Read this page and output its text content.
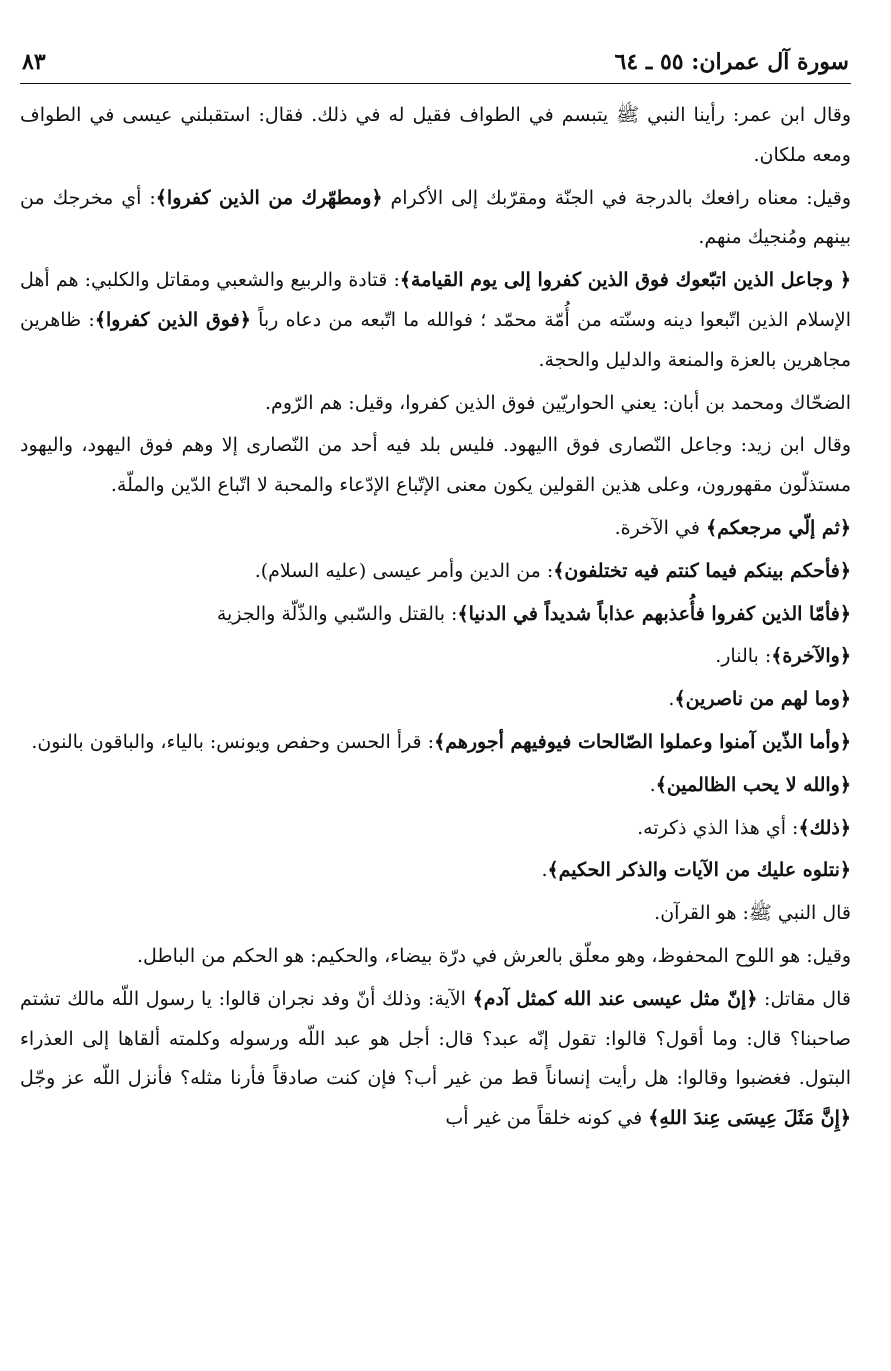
سورة آل عمران: ٥٥ ـ ٦٤
٨٣

وقال ابن عمر: رأينا النبي ﷺ يتبسم في الطواف فقيل له في ذلك. فقال: استقبلني عيسى في الطواف ومعه ملكان.

وقيل: معناه رافعك بالدرجة في الجنّة ومقرّبك إلى الأكرام ﴿ومطهّرك من الذين كفروا﴾: أي مخرجك من بينهم ومُنجيك منهم.

﴿ وجاعل الذين اتبّعوك فوق الذين كفروا إلى يوم القيامة﴾: قتادة والربيع والشعبي ومقاتل والكلبي: هم أهل الإسلام الذين اتّبعوا دينه وسنّته من أُمّة محمّد ؛ فوالله ما اتّبعه من دعاه رباً ﴿فوق الذين كفروا﴾: ظاهرين مجاهرين بالعزة والمنعة والدليل والحجة.

الضحّاك ومحمد بن أبان: يعني الحواريّين فوق الذين كفروا، وقيل: هم الرّوم.

وقال ابن زيد: وجاعل النّصارى فوق االيهود. فليس بلد فيه أحد من النّصارى إلا وهم فوق اليهود، واليهود مستذلّون مقهورون، وعلى هذين القولين يكون معنى الإتّباع الإدّعاء والمحبة لا اتّباع الدّين والملّة.

﴿ثم إلّي مرجعكم﴾ في الآخرة.

﴿فأحكم بينكم فيما كنتم فيه تختلفون﴾: من الدين وأمر عيسى (عليه السلام).

﴿فأمّا الذين كفروا فأُعذبهم عذاباً شديداً في الدنيا﴾: بالقتل والسّبي والذّلّة والجزية

﴿والآخرة﴾: بالنار.

﴿وما لهم من ناصرين﴾.

﴿وأما الذّين آمنوا وعملوا الصّالحات فيوفيهم أجورهم﴾: قرأ الحسن وحفص ويونس: بالياء، والباقون بالنون.

﴿والله لا يحب الظالمين﴾.

﴿ذلك﴾: أي هذا الذي ذكرته.

﴿نتلوه عليك من الآيات والذكر الحكيم﴾.

قال النبي ﷺ: هو القرآن.

وقيل: هو اللوح المحفوظ، وهو معلّق بالعرش في درّة بيضاء، والحكيم: هو الحكم من الباطل.

قال مقاتل: ﴿إنّ مثل عيسى عند الله كمثل آدم﴾ الآية: وذلك أنّ وفد نجران قالوا: يا رسول اللّه مالك تشتم صاحبنا؟ قال: وما أقول؟ قالوا: تقول إنّه عبد؟ قال: أجل هو عبد اللّه ورسوله وكلمته ألقاها إلى العذراء البتول. فغضبوا وقالوا: هل رأيت إنساناً قط من غير أب؟ فإن كنت صادقاً فأرنا مثله؟ فأنزل اللّه عز وجّل ﴿إِنَّ مَثَلَ عِيسَى عِندَ اللهِ﴾ في كونه خلقاً من غير أب
